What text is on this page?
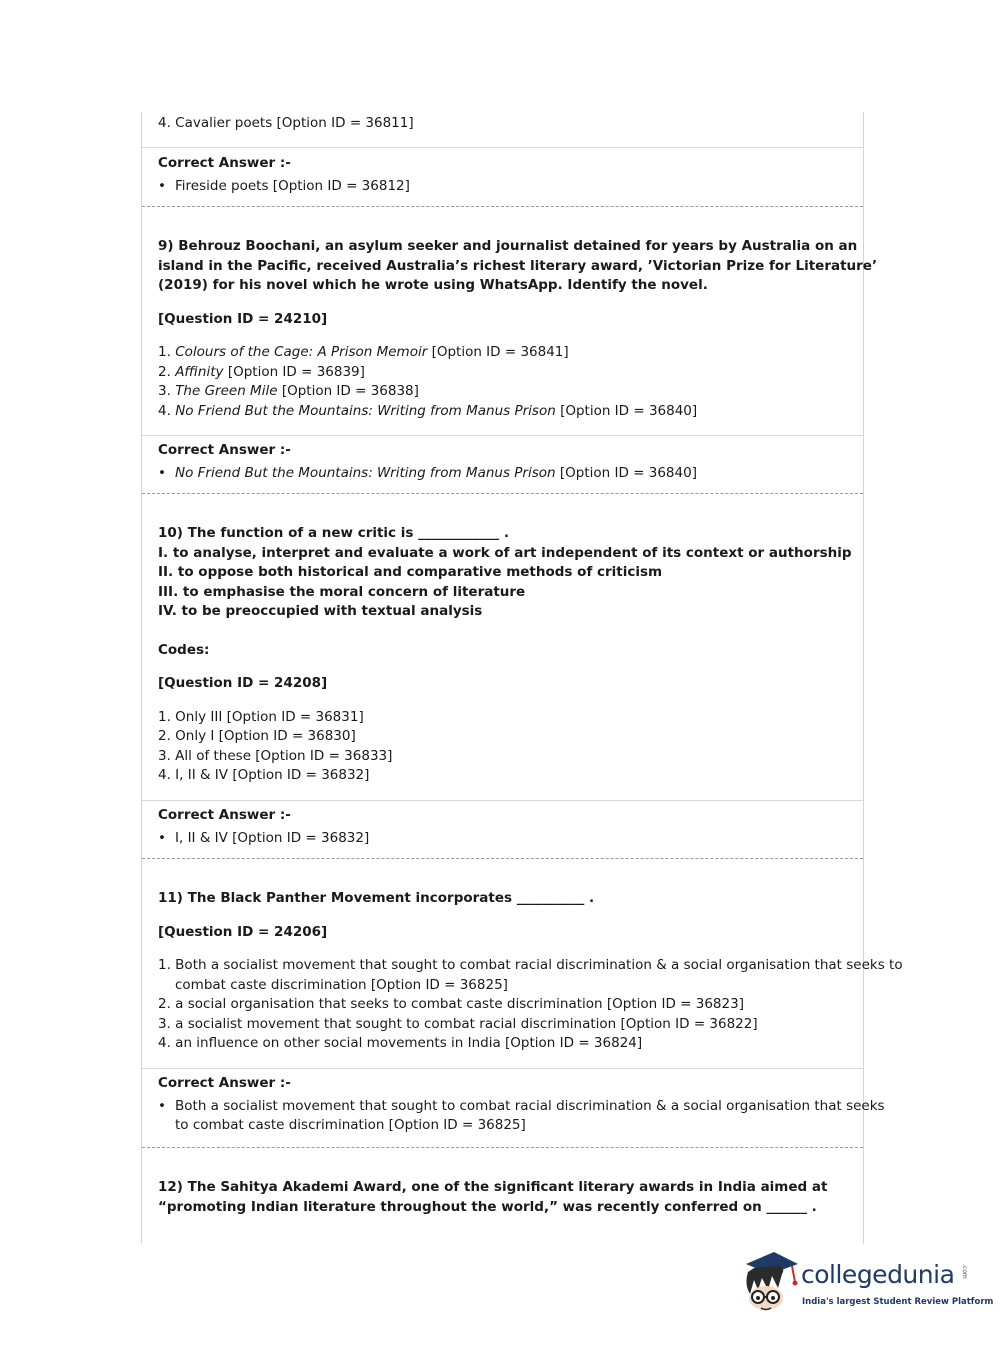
4. Cavalier poets [Option ID = 36811]
Correct Answer :-
• Fireside poets [Option ID = 36812]
9) Behrouz Boochani, an asylum seeker and journalist detained for years by Australia on an
island in the Pacific, received Australia’s richest literary award, ’Victorian Prize for Literature’
(2019) for his novel which he wrote using WhatsApp. Identify the novel.
[Question ID = 24210]
1. Colours of the Cage: A Prison Memoir [Option ID = 36841]
2. Affinity [Option ID = 36839]
3. The Green Mile [Option ID = 36838]
4. No Friend But the Mountains: Writing from Manus Prison [Option ID = 36840]
Correct Answer :-
• No Friend But the Mountains: Writing from Manus Prison [Option ID = 36840]
10) The function of a new critic is ____________ .
I. to analyse, interpret and evaluate a work of art independent of its context or authorship
II. to oppose both historical and comparative methods of criticism
III. to emphasise the moral concern of literature
IV. to be preoccupied with textual analysis
Codes:
[Question ID = 24208]
1. Only III [Option ID = 36831]
2. Only I [Option ID = 36830]
3. All of these [Option ID = 36833]
4. I, II & IV [Option ID = 36832]
Correct Answer :-
• I, II & IV [Option ID = 36832]
11) The Black Panther Movement incorporates __________ .
[Question ID = 24206]
1. Both a socialist movement that sought to combat racial discrimination & a social organisation that seeks to
combat caste discrimination [Option ID = 36825]
2. a social organisation that seeks to combat caste discrimination [Option ID = 36823]
3. a socialist movement that sought to combat racial discrimination [Option ID = 36822]
4. an influence on other social movements in India [Option ID = 36824]
Correct Answer :-
• Both a socialist movement that sought to combat racial discrimination & a social organisation that seeks
to combat caste discrimination [Option ID = 36825]
12) The Sahitya Akademi Award, one of the significant literary awards in India aimed at
“promoting Indian literature throughout the world,” was recently conferred on ______ .
collegedunia .com
India's largest Student Review Platform
